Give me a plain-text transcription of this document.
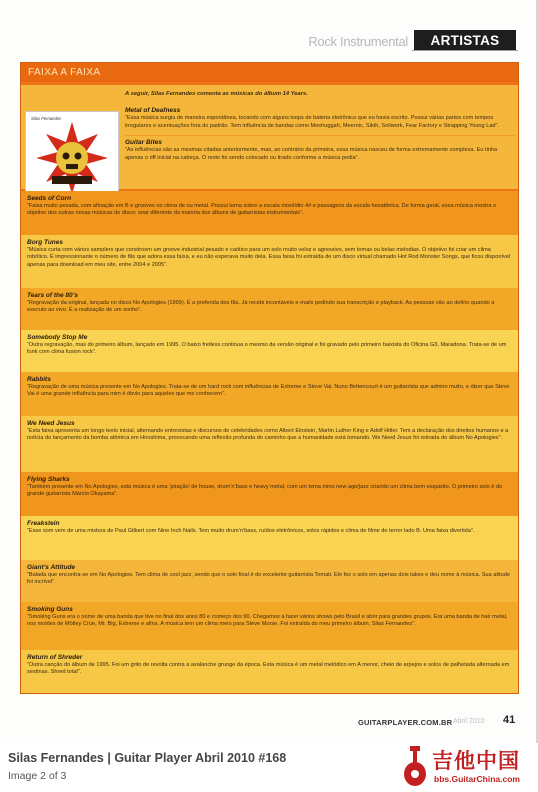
Rock Instrumental	ARTISTAS
FAIXA A FAIXA
Silas Fernandes
A seguir, Silas Fernandes comenta as músicas do álbum 14 Years.
Metal of Deafness
“Essa música surgiu de maneira espontânea, tocando com alguns loops de bateria eletrônica que eu havia escrito. Possui várias partes com tempos irregulares e acentuações fora do padrão. Tem influência de bandas como Meshuggah, Meernic, Sikth, Soilwork, Fear Factory e Strapping Young Lad”.
Guitar Bites
“As influências são as mesmas citadas anteriormente, mas, ao contrário da primeira, essa música nasceu de forma extremamente complexa. Eu tinha apenas o riff inicial na cabeça. O resto foi sendo colocado ou tirado conforme a música pedia”.
Seeds of Corn
“Faixa muito pesada, com afinação em B e grooves no clima de nu metal. Possui tema sobre a escala mixolídio 4# e passagens da escala hexatônica. De forma geral, essa música mostra o objetivo dos outras novas músicas do disco: soar diferente da maioria dos álbuns de guitarristas instrumentais”.
Borg Tunes
“Música curta com vários samplers que constroem um groove industrial pesado e caótico para um solo muito veloz e agressivo, sem tomas ou belas melodias. O objetivo foi criar um clima robótico. É impressionante o número de fãs que adora essa faixa, e eu não esperava muito dela. Essa faixa foi extraída de um disco virtual chamado Hot Rod Monster Songs, que ficou disponível apenas para download em meu site, entre 2004 e 2005”.
Tears of the 80’s
“Regravação da original, lançada no disco No Apologies (1999). É a preferida dos fãs. Já recebi incontáveis e-mails pedindo sua transcrição e playback. As pessoas vão ao delírio quando a executo ao vivo. É a realização de um sonho”.
Somebody Stop Me
“Outra regravação, mas do primeiro álbum, lançado em 1995. O baixo fretless continua o mesmo da versão original e foi gravado pelo primeiro baixista do Oficina G3, Maradona. Trata-se de um funk com clima fusion rock”.
Rabbits
“Regravação de uma música presente em No Apologies. Trata-se de um hard rock com influências de Extreme e Steve Vai. Nuno Bettencourt é um guitarrista que admiro muito, e dizer que Steve Vai é uma grande influência para mim é óbvio para aqueles que me conhecem”.
We Need Jesus
“Esta faixa apresenta um longo texto inicial, alternando entrevistas e discursos de celebridades como Albert Einstein, Martin Luther King e Adolf Hitler. Tem a declaração dos direitos humanos e a notícia do lançamento da bomba atômica em Hiroshima, provocando uma reflexão profunda do caminho que a humanidade está tomando. We Need Jesus foi retirada do álbum No Apologies”.
Flying Sharks
“Também presente em No Apologies, esta música é uma ‘piração’ de house, drum’n’bass e heavy metal, com um tema mino new age/jazz criando um clima bem esquisito. O primeiro solo é do grande guitarrista Márcio Okayama”.
Freakstein
“Esse som vem de uma mistura de Paul Gilbert com Nine Inch Nails. Tem muito drum’n’bass, ruídos eletrônicos, solos rápidos e clima de filme de terror lado B. Uma faixa divertida”.
Giant’s Attitude
“Balada que encontra-se em No Apologies. Tem clima de cool jazz, sendo que o solo final é do excelente guitarrista Tomati. Ele fez o solo em apenas dois takes e deu nome à música. Sua atitude foi incrível”.
Smoking Guns
“Smoking Guns era o nome de uma banda que tive no final dos anos 80 e começo dos 90. Chegamos a fazer vários shows pelo Brasil e abrir para grandes grupos. Era uma banda de hair metal, nos moldes de Mötley Crüe, Mr. Big, Extreme e afins. A música tem um clima meio para Steve Morse. Foi extraída do meu primeiro álbum, Silas Fernandes”.
Return of Shreder
“Outra canção do álbum de 1995. Foi um grito de revolta contra a avalanche grunge da época. Esta música é um metal melódico em A menor, cheio de arpejos e solos de palhetada alternada em sextinas. Shred total”.
GUITARPLAYER.COM.BR Abril 2010 41
Silas Fernandes | Guitar Player Abril 2010 #168
Image 2 of 3
吉他中国
bbs.GuitarChina.com
